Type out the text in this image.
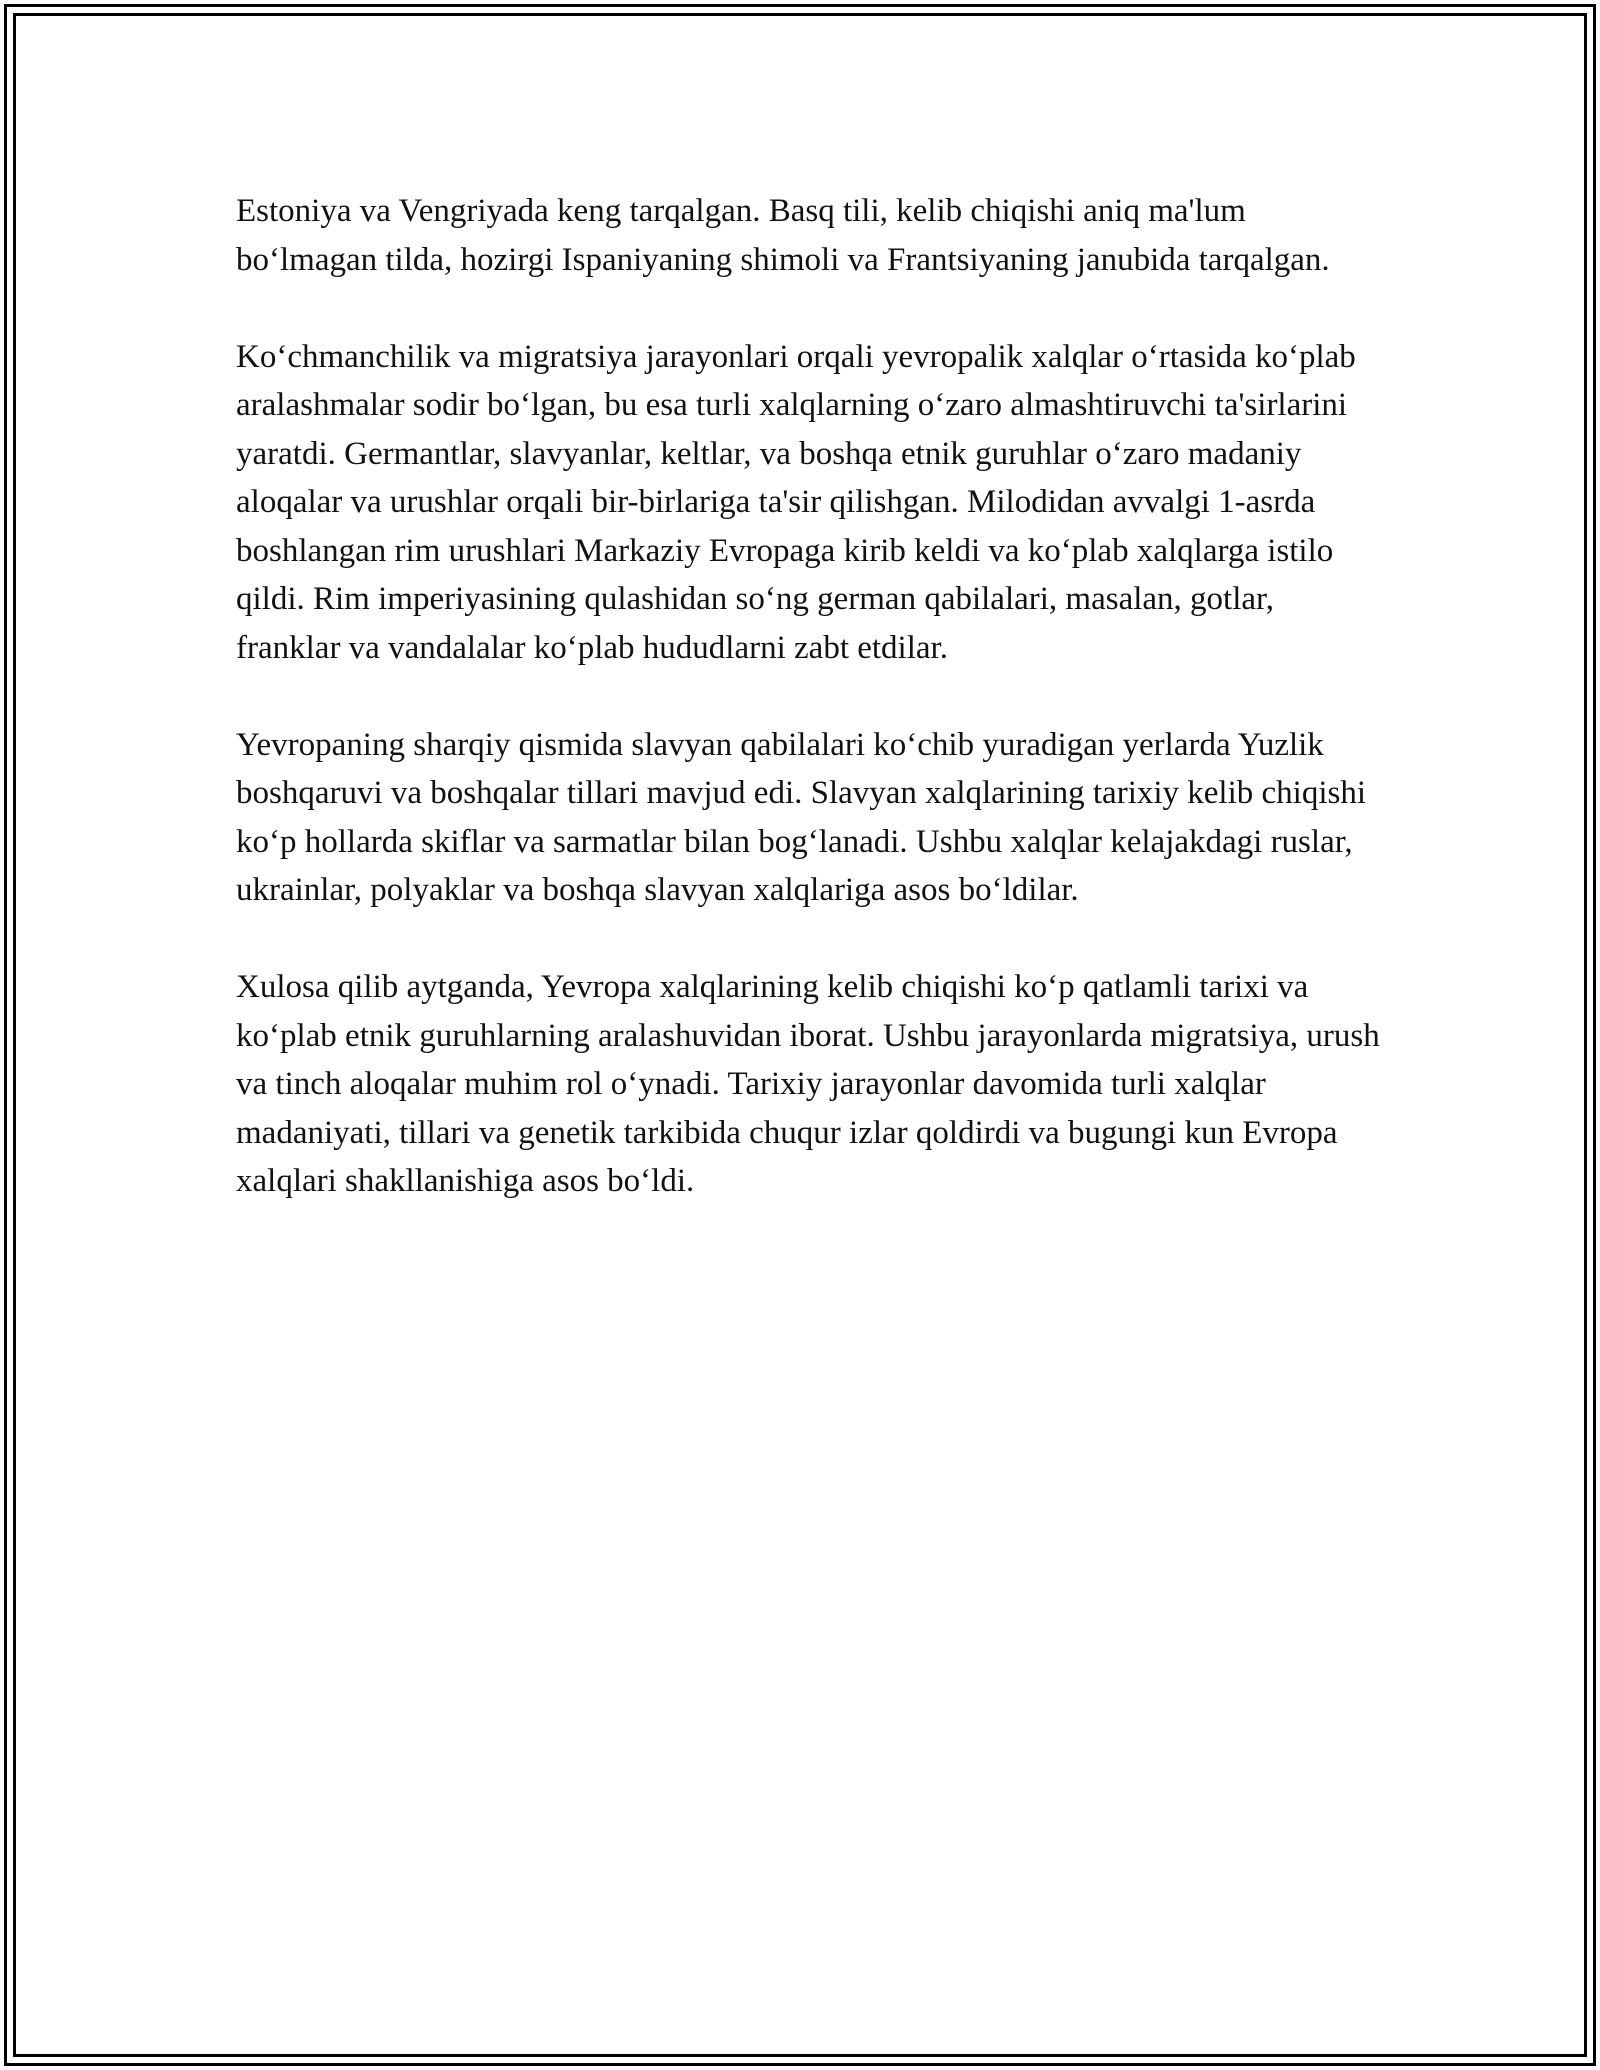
Estoniya va Vengriyada keng tarqalgan. Basq tili, kelib chiqishi aniq ma'lum bo‘lmagan tilda, hozirgi Ispaniyaning shimoli va Frantsiyaning janubida tarqalgan.

Ko‘chmanchilik va migratsiya jarayonlari orqali yevropalik xalqlar o‘rtasida ko‘plab aralashmalar sodir bo‘lgan, bu esa turli xalqlarning o‘zaro almashtiruvchi ta'sirlarini yaratdi. Germantlar, slavyanlar, keltlar, va boshqa etnik guruhlar o‘zaro madaniy aloqalar va urushlar orqali bir-birlariga ta'sir qilishgan. Milodidan avvalgi 1-asrda boshlangan rim urushlari Markaziy Evropaga kirib keldi va ko‘plab xalqlarga istilo qildi. Rim imperiyasining qulashidan so‘ng german qabilalari, masalan, gotlar, franklar va vandalalar ko‘plab hududlarni zabt etdilar.

Yevropaning sharqiy qismida slavyan qabilalari ko‘chib yuradigan yerlarda Yuzlik boshqaruvi va boshqalar tillari mavjud edi. Slavyan xalqlarining tarixiy kelib chiqishi ko‘p hollarda skiflar va sarmatlar bilan bog‘lanadi. Ushbu xalqlar kelajakdagi ruslar, ukrainlar, polyaklar va boshqa slavyan xalqlariga asos bo‘ldilar.

Xulosa qilib aytganda, Yevropa xalqlarining kelib chiqishi ko‘p qatlamli tarixi va ko‘plab etnik guruhlarning aralashuvidan iborat. Ushbu jarayonlarda migratsiya, urush va tinch aloqalar muhim rol o‘ynadi. Tarixiy jarayonlar davomida turli xalqlar madaniyati, tillari va genetik tarkibida chuqur izlar qoldirdi va bugungi kun Evropa xalqlari shakllanishiga asos bo‘ldi.
